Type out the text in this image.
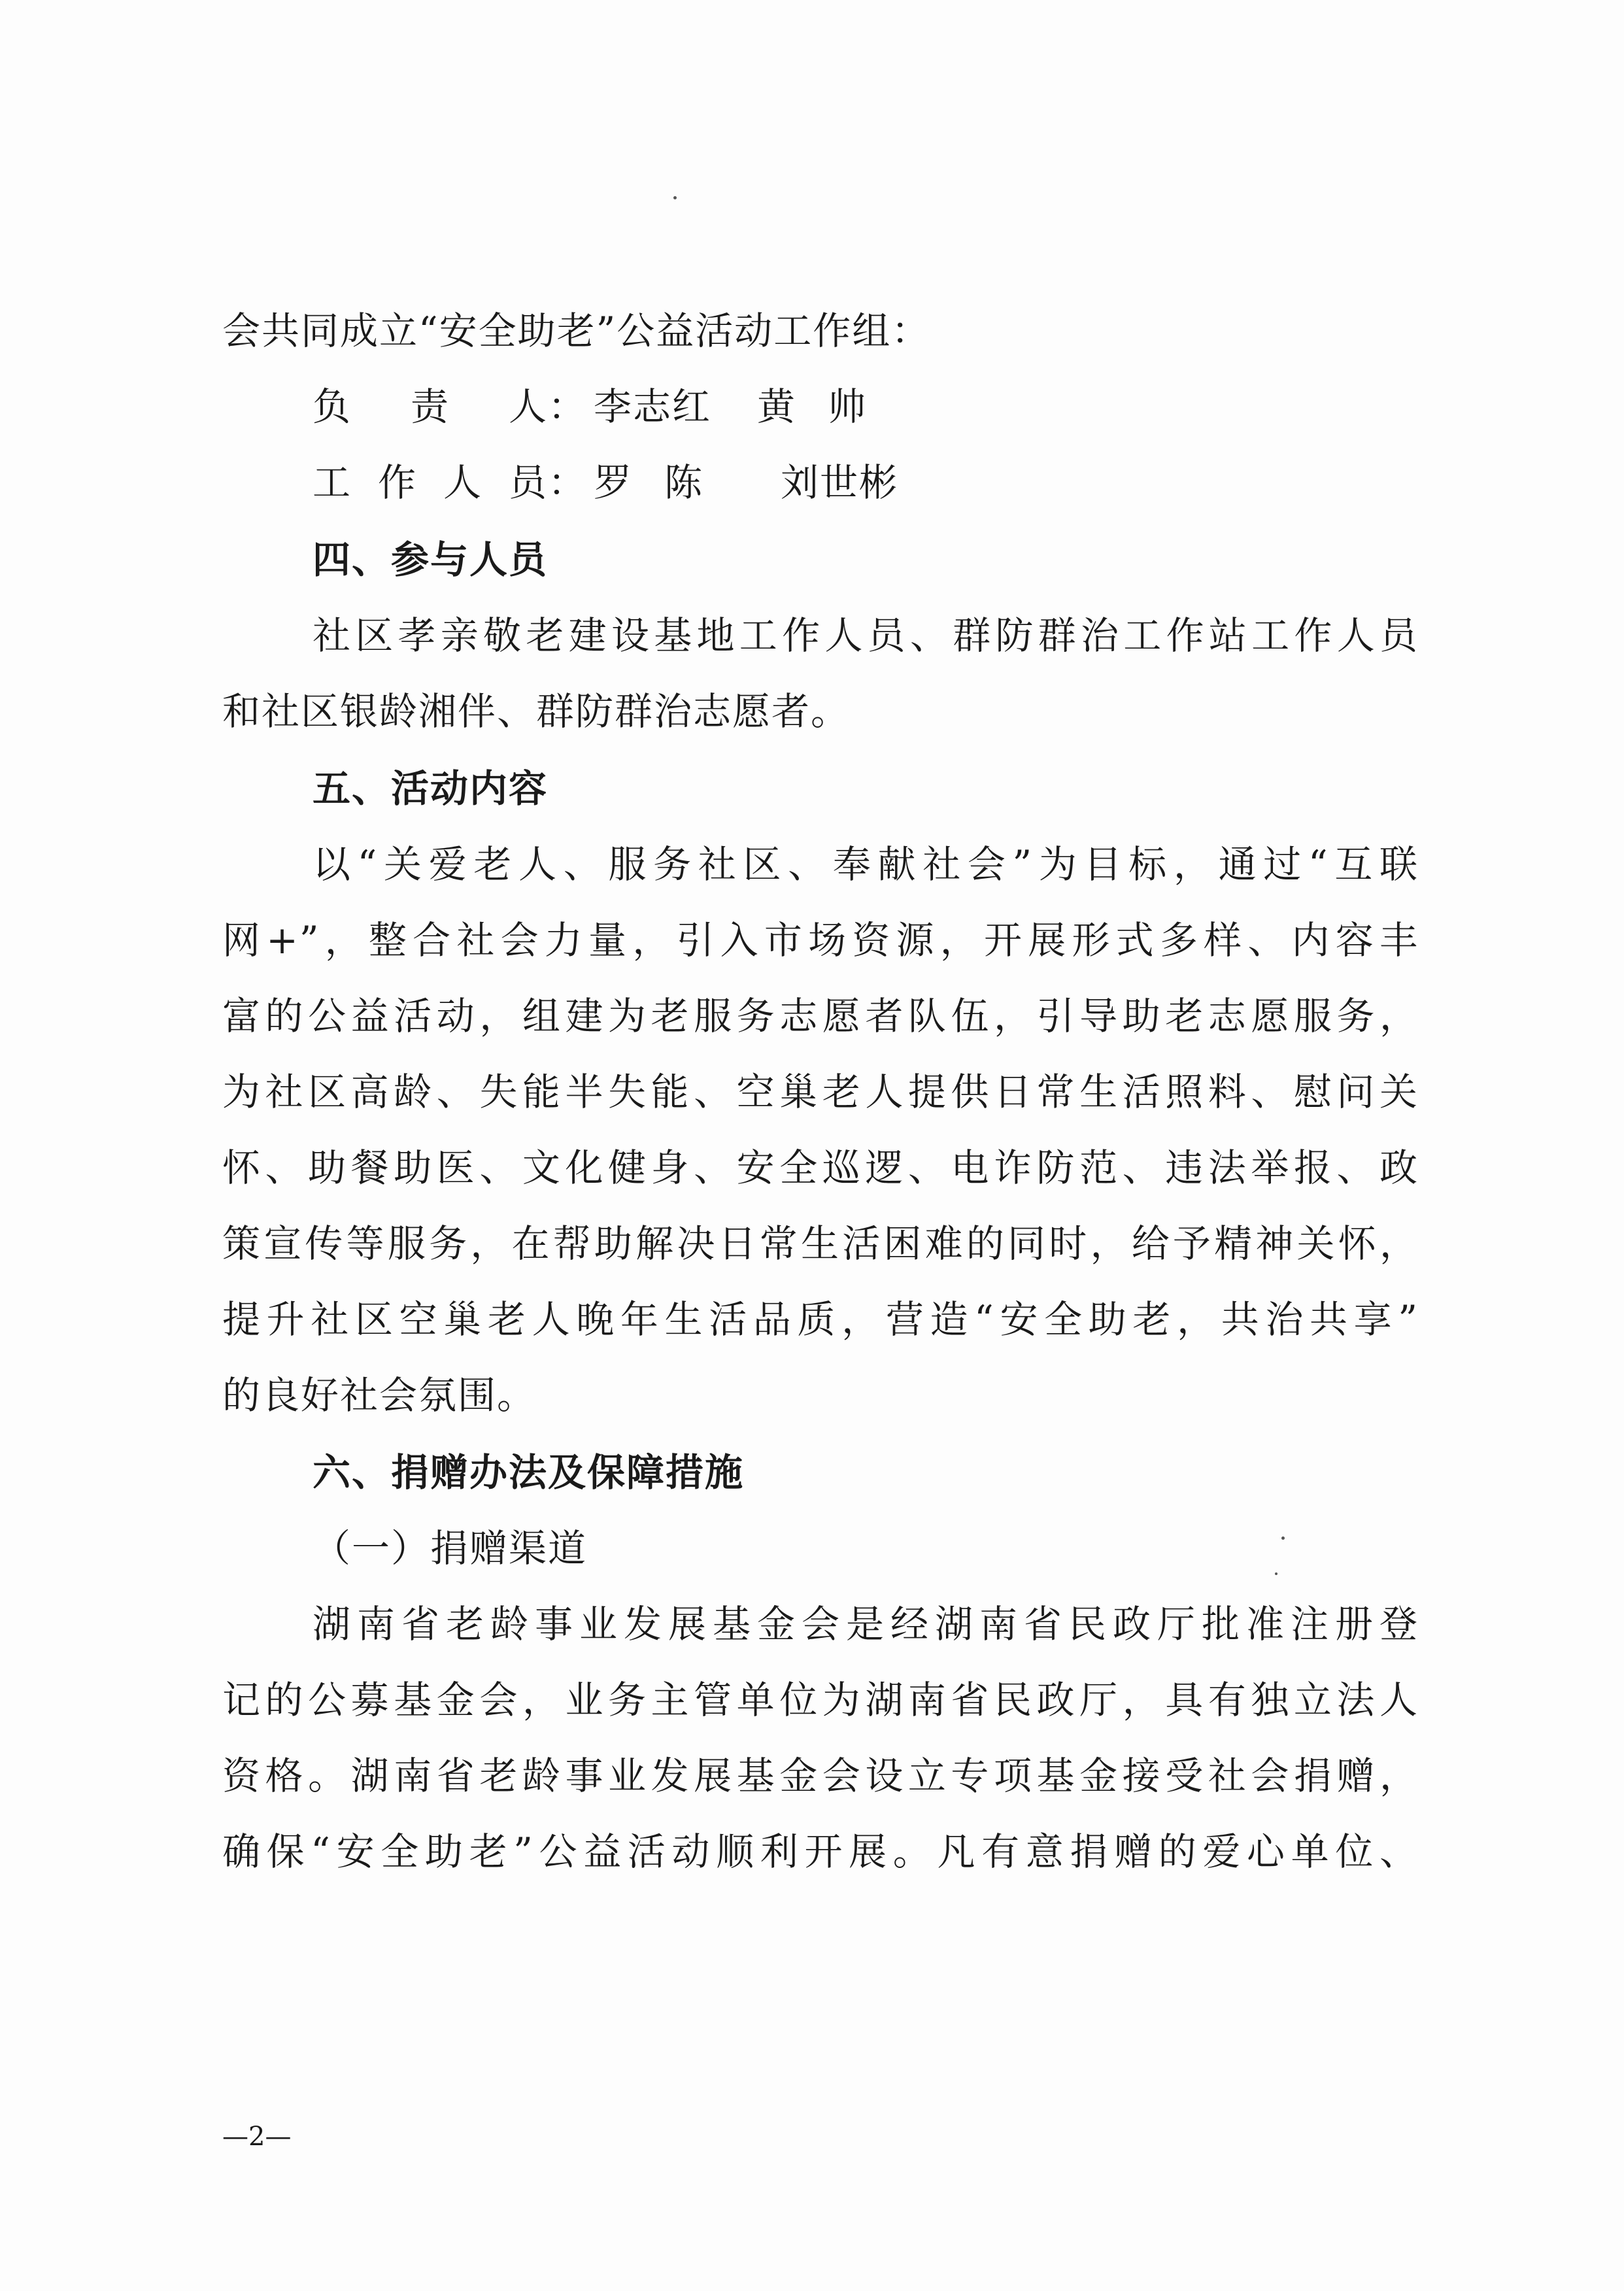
会共同成立“安全助老”公益活动工作组：
负责人： 李志红 黄帅
工作人员： 罗陈 刘世彬
四、参与人员
社区孝亲敬老建设基地工作人员、群防群治工作站工作人员
和社区银龄湘伴、群防群治志愿者。
五、活动内容
以“关爱老人、服务社区、奉献社会”为目标，通过“互联
网+”，整合社会力量，引入市场资源，开展形式多样、内容丰
富的公益活动，组建为老服务志愿者队伍，引导助老志愿服务，
为社区高龄、失能半失能、空巢老人提供日常生活照料、慰问关
怀、助餐助医、文化健身、安全巡逻、电诈防范、违法举报、政
策宣传等服务，在帮助解决日常生活困难的同时，给予精神关怀，
提升社区空巢老人晚年生活品质，营造“安全助老，共治共享”
的良好社会氛围。
六、捐赠办法及保障措施
（一）捐赠渠道
湖南省老龄事业发展基金会是经湖南省民政厅批准注册登
记的公募基金会，业务主管单位为湖南省民政厅，具有独立法人
资格。湖南省老龄事业发展基金会设立专项基金接受社会捐赠，
确保“安全助老”公益活动顺利开展。凡有意捐赠的爱心单位、
—2—
